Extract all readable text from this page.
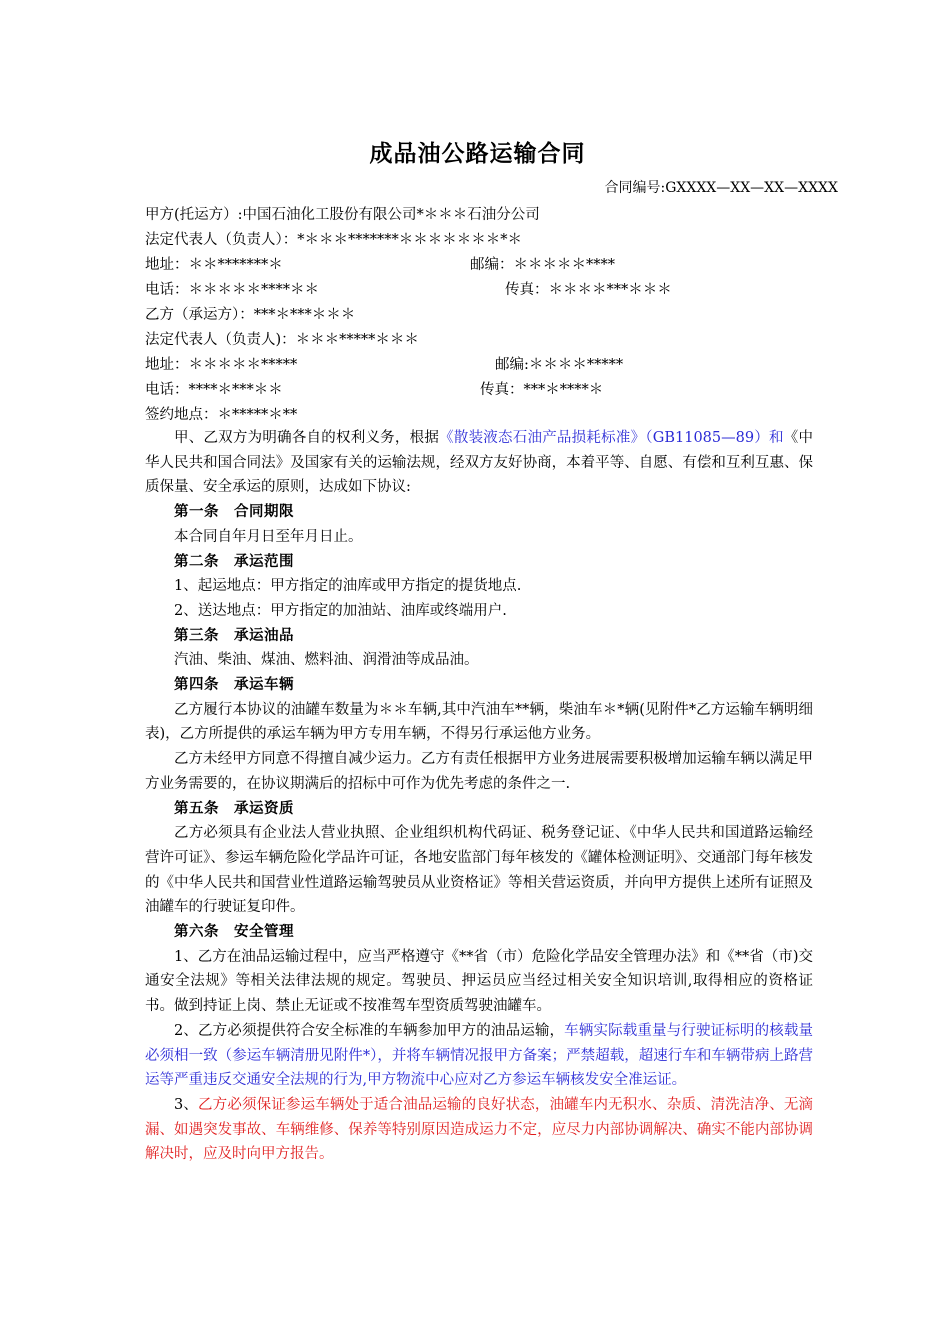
成品油公路运输合同
合同编号:GXXXX—XX—XX—XXXX
甲方(托运方）:中国石油化工股份有限公司*＊＊＊石油分公司
法定代表人（负责人）：*＊＊＊*******＊＊＊＊＊＊＊*＊
地址：＊＊*******＊	邮编：＊＊＊＊＊****
电话：＊＊＊＊＊****＊＊	传真：＊＊＊＊***＊＊＊
乙方（承运方）：***＊***＊＊＊
法定代表人（负责人)：＊＊＊*****＊＊＊
地址：＊＊＊＊＊*****	邮编:＊＊＊＊*****
电话：****＊***＊＊	传真：***＊****＊
签约地点：＊*****＊**

甲、乙双方为明确各自的权利义务，根据《散装液态石油产品损耗标准》（GB11085—89）和《中华人民共和国合同法》及国家有关的运输法规，经双方友好协商，本着平等、自愿、有偿和互利互惠、保质保量、安全承运的原则，达成如下协议:

第一条　合同期限

本合同自年月日至年月日止。

第二条　承运范围

1、起运地点：甲方指定的油库或甲方指定的提货地点.

2、送达地点：甲方指定的加油站、油库或终端用户.

第三条　承运油品

汽油、柴油、煤油、燃料油、润滑油等成品油。

第四条　承运车辆

乙方履行本协议的油罐车数量为＊＊车辆,其中汽油车**辆，柴油车＊*辆(见附件*乙方运输车辆明细表)，乙方所提供的承运车辆为甲方专用车辆，不得另行承运他方业务。

乙方未经甲方同意不得擅自减少运力。乙方有责任根据甲方业务进展需要积极增加运输车辆以满足甲方业务需要的，在协议期满后的招标中可作为优先考虑的条件之一.

第五条　承运资质

乙方必须具有企业法人营业执照、企业组织机构代码证、税务登记证、《中华人民共和国道路运输经营许可证》、参运车辆危险化学品许可证，各地安监部门每年核发的《罐体检测证明》、交通部门每年核发的《中华人民共和国营业性道路运输驾驶员从业资格证》等相关营运资质，并向甲方提供上述所有证照及油罐车的行驶证复印件。

第六条　安全管理

1、乙方在油品运输过程中，应当严格遵守《**省（市）危险化学品安全管理办法》和《**省（市)交通安全法规》等相关法律法规的规定。驾驶员、押运员应当经过相关安全知识培训,取得相应的资格证书。做到持证上岗、禁止无证或不按准驾车型资质驾驶油罐车。

2、乙方必须提供符合安全标准的车辆参加甲方的油品运输，车辆实际载重量与行驶证标明的核载量必须相一致（参运车辆清册见附件*），并将车辆情况报甲方备案；严禁超载，超速行车和车辆带病上路营运等严重违反交通安全法规的行为,甲方物流中心应对乙方参运车辆核发安全准运证。

3、乙方必须保证参运车辆处于适合油品运输的良好状态，油罐车内无积水、杂质、清洗洁净、无滴漏、如遇突发事故、车辆维修、保养等特别原因造成运力不定，应尽力内部协调解决、确实不能内部协调解决时，应及时向甲方报告。
